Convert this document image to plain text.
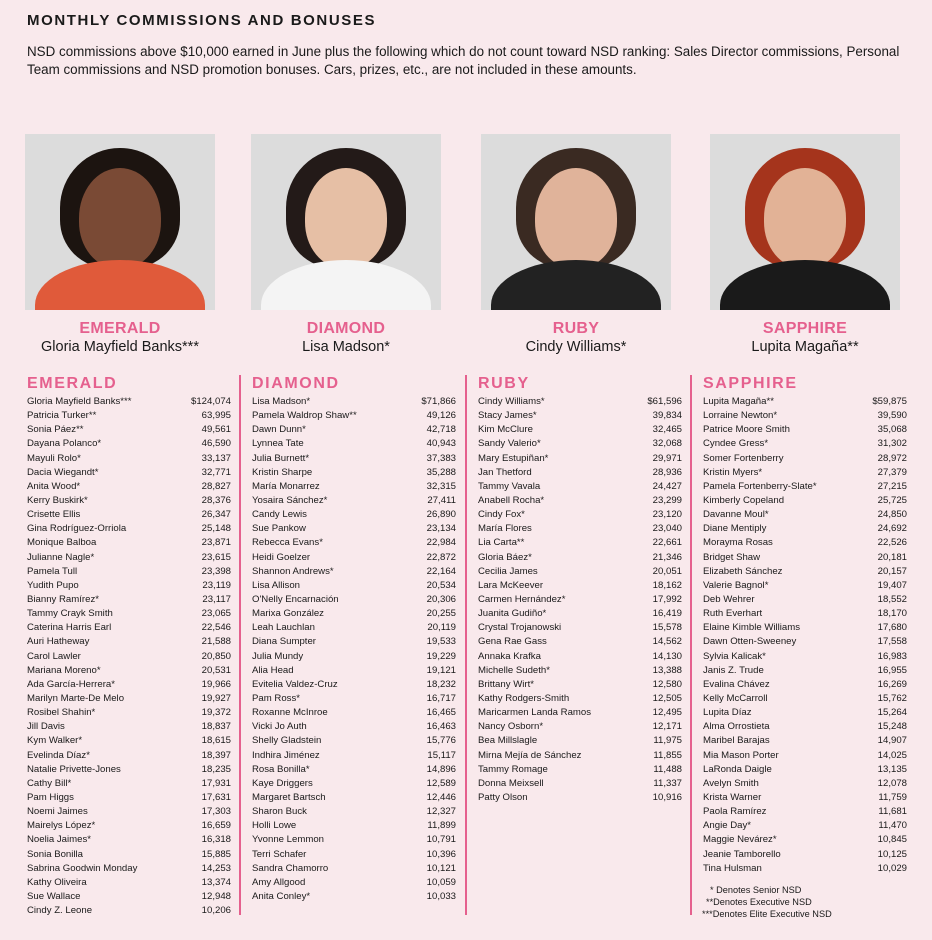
MONTHLY COMMISSIONS AND BONUSES
NSD commissions above $10,000 earned in June plus the following which do not count toward NSD ranking: Sales Director commissions, Personal Team commissions and NSD promotion bonuses. Cars, prizes, etc., are not included in these amounts.
EMERALD
Gloria Mayfield Banks***
DIAMOND
Lisa Madson*
RUBY
Cindy Williams*
SAPPHIRE
Lupita Magaña**
EMERALD
Gloria Mayfield Banks***	$124,074
Patricia Turker**	63,995
Sonia Páez**	49,561
Dayana Polanco*	46,590
Mayuli Rolo*	33,137
Dacia Wiegandt*	32,771
Anita Wood*	28,827
Kerry Buskirk*	28,376
Crisette Ellis	26,347
Gina Rodríguez-Orriola	25,148
Monique Balboa	23,871
Julianne Nagle*	23,615
Pamela Tull	23,398
Yudith Pupo	23,119
Bianny Ramírez*	23,117
Tammy Crayk Smith	23,065
Caterina Harris Earl	22,546
Auri Hatheway	21,588
Carol Lawler	20,850
Mariana Moreno*	20,531
Ada García-Herrera*	19,966
Marilyn Marte-De Melo	19,927
Rosibel Shahin*	19,372
Jill Davis	18,837
Kym Walker*	18,615
Evelinda Díaz*	18,397
Natalie Privette-Jones	18,235
Cathy Bill*	17,931
Pam Higgs	17,631
Noemi Jaimes	17,303
Mairelys López*	16,659
Noelia Jaimes*	16,318
Sonia Bonilla	15,885
Sabrina Goodwin Monday	14,253
Kathy Oliveira	13,374
Sue Wallace	12,948
Cindy Z. Leone	10,206
DIAMOND
Lisa Madson*	$71,866
Pamela Waldrop Shaw**	49,126
Dawn Dunn*	42,718
Lynnea Tate	40,943
Julia Burnett*	37,383
Kristin Sharpe	35,288
María Monarrez	32,315
Yosaira Sánchez*	27,411
Candy Lewis	26,890
Sue Pankow	23,134
Rebecca Evans*	22,984
Heidi Goelzer	22,872
Shannon Andrews*	22,164
Lisa Allison	20,534
O'Nelly Encarnación	20,306
Marixa González	20,255
Leah Lauchlan	20,119
Diana Sumpter	19,533
Julia Mundy	19,229
Alia Head	19,121
Evitelia Valdez-Cruz	18,232
Pam Ross*	16,717
Roxanne McInroe	16,465
Vicki Jo Auth	16,463
Shelly Gladstein	15,776
Indhira Jiménez	15,117
Rosa Bonilla*	14,896
Kaye Driggers	12,589
Margaret Bartsch	12,446
Sharon Buck	12,327
Holli Lowe	11,899
Yvonne Lemmon	10,791
Terri Schafer	10,396
Sandra Chamorro	10,121
Amy Allgood	10,059
Anita Conley*	10,033
RUBY
Cindy Williams*	$61,596
Stacy James*	39,834
Kim McClure	32,465
Sandy Valerio*	32,068
Mary Estupiñan*	29,971
Jan Thetford	28,936
Tammy Vavala	24,427
Anabell Rocha*	23,299
Cindy Fox*	23,120
María Flores	23,040
Lia Carta**	22,661
Gloria Báez*	21,346
Cecilia James	20,051
Lara McKeever	18,162
Carmen Hernández*	17,992
Juanita Gudiño*	16,419
Crystal Trojanowski	15,578
Gena Rae Gass	14,562
Annaka Krafka	14,130
Michelle Sudeth*	13,388
Brittany Wirt*	12,580
Kathy Rodgers-Smith	12,505
Maricarmen Landa Ramos	12,495
Nancy Osborn*	12,171
Bea Millslagle	11,975
Mirna Mejía de Sánchez	11,855
Tammy Romage	11,488
Donna Meixsell	11,337
Patty Olson	10,916
SAPPHIRE
Lupita Magaña**	$59,875
Lorraine Newton*	39,590
Patrice Moore Smith	35,068
Cyndee Gress*	31,302
Somer Fortenberry	28,972
Kristin Myers*	27,379
Pamela Fortenberry-Slate*	27,215
Kimberly Copeland	25,725
Davanne Moul*	24,850
Diane Mentiply	24,692
Morayma Rosas	22,526
Bridget Shaw	20,181
Elizabeth Sánchez	20,157
Valerie Bagnol*	19,407
Deb Wehrer	18,552
Ruth Everhart	18,170
Elaine Kimble Williams	17,680
Dawn Otten-Sweeney	17,558
Sylvia Kalicak*	16,983
Janis Z. Trude	16,955
Evalina Chávez	16,269
Kelly McCarroll	15,762
Lupita Díaz	15,264
Alma Orrostieta	15,248
Maribel Barajas	14,907
Mia Mason Porter	14,025
LaRonda Daigle	13,135
Avelyn Smith	12,078
Krista Warner	11,759
Paola Ramírez	11,681
Angie Day*	11,470
Maggie Nevárez*	10,845
Jeanie Tamborello	10,125
Tina Hulsman	10,029
* Denotes Senior NSD
**Denotes Executive NSD
***Denotes Elite Executive NSD
